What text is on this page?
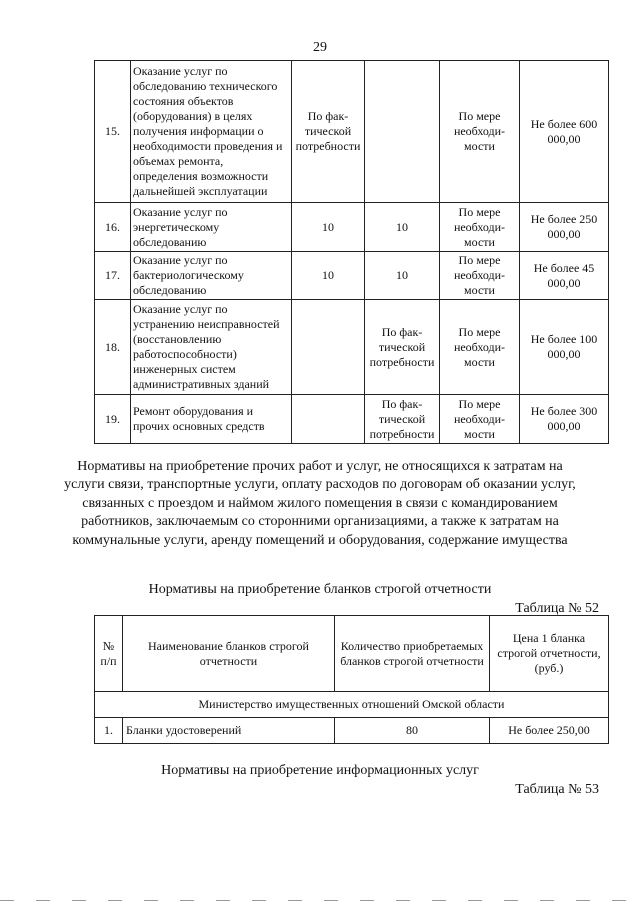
29
15.	Оказание услуг по обследованию технического состояния объектов (оборудования) в целях получения информации о необходимости проведения и объемах ремонта, определения возможности дальнейшей эксплуатации	По фак-тической потребности		По мере необходи-мости	Не более 600 000,00
16.	Оказание услуг по энергетическому обследованию	10	10	По мере необходи-мости	Не более 250 000,00
17.	Оказание услуг по бактериологическому обследованию	10	10	По мере необходи-мости	Не более 45 000,00
18.	Оказание услуг по устранению неисправностей (восстановлению работоспособности) инженерных систем административных зданий		По фак-тической потребности	По мере необходи-мости	Не более 100 000,00
19.	Ремонт оборудования и прочих основных средств		По фак-тической потребности	По мере необходи-мости	Не более 300 000,00
Нормативы на приобретение прочих работ и услуг, не относящихся к затратам на услуги связи, транспортные услуги, оплату расходов по договорам об оказании услуг, связанных с проездом и наймом жилого помещения в связи с командированием работников, заключаемым со сторонними организациями, а также к затратам на коммунальные услуги, аренду помещений и оборудования, содержание имущества
Нормативы на приобретение бланков строгой отчетности
Таблица № 52
№ п/п	Наименование бланков строгой отчетности	Количество приобретаемых бланков строгой отчетности	Цена 1 бланка строгой отчетности, (руб.)
Министерство имущественных отношений Омской области			
1.	Бланки удостоверений	80	Не более 250,00
Нормативы на приобретение информационных услуг
Таблица № 53
